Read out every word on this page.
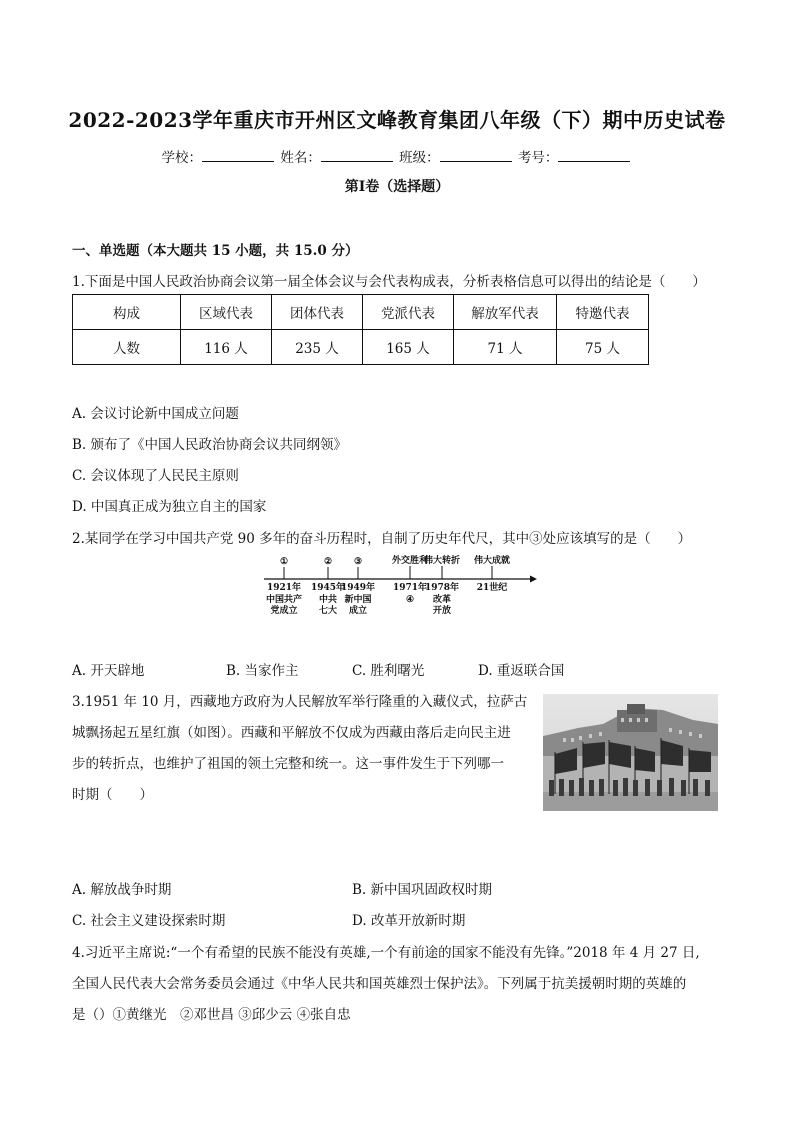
2022-2023学年重庆市开州区文峰教育集团八年级（下）期中历史试卷
学校：	姓名：	班级：	考号：
第I卷（选择题）
一、单选题（本大题共 15 小题，共 15.0 分）
1.下面是中国人民政治协商会议第一届全体会议与会代表构成表，分析表格信息可以得出的结论是（　　）
构成	区域代表	团体代表	党派代表	解放军代表	特邀代表
人数	116 人	235 人	165 人	71 人	75 人
A. 会议讨论新中国成立问题
B. 颁布了《中国人民政治协商会议共同纲领》
C. 会议体现了人民民主原则
D. 中国真正成为独立自主的国家
2.某同学在学习中国共产党 90 多年的奋斗历程时，自制了历史年代尺，其中③处应该填写的是（　　）
①
1921年
中国共产
党成立
②
1945年
中共
七大
③
1949年
新中国
成立
外交胜利
1971年
④
伟大转折
1978年
改革
开放
伟大成就
21世纪
A. 开天辟地	B. 当家作主	C. 胜利曙光	D. 重返联合国
3.1951 年 10 月，西藏地方政府为人民解放军举行隆重的入藏仪式，拉萨古
城飘扬起五星红旗（如图）。西藏和平解放不仅成为西藏由落后走向民主进
步的转折点，也维护了祖国的领土完整和统一。这一事件发生于下列哪一
时期（　　）
A. 解放战争时期	B. 新中国巩固政权时期
C. 社会主义建设探索时期	D. 改革开放新时期
4.习近平主席说:“一个有希望的民族不能没有英雄,一个有前途的国家不能没有先锋。”2018 年 4 月 27 日,
全国人民代表大会常务委员会通过《中华人民共和国英雄烈士保护法》。下列属于抗美援朝时期的英雄的
是（）①黄继光　②邓世昌 ③邱少云 ④张自忠
